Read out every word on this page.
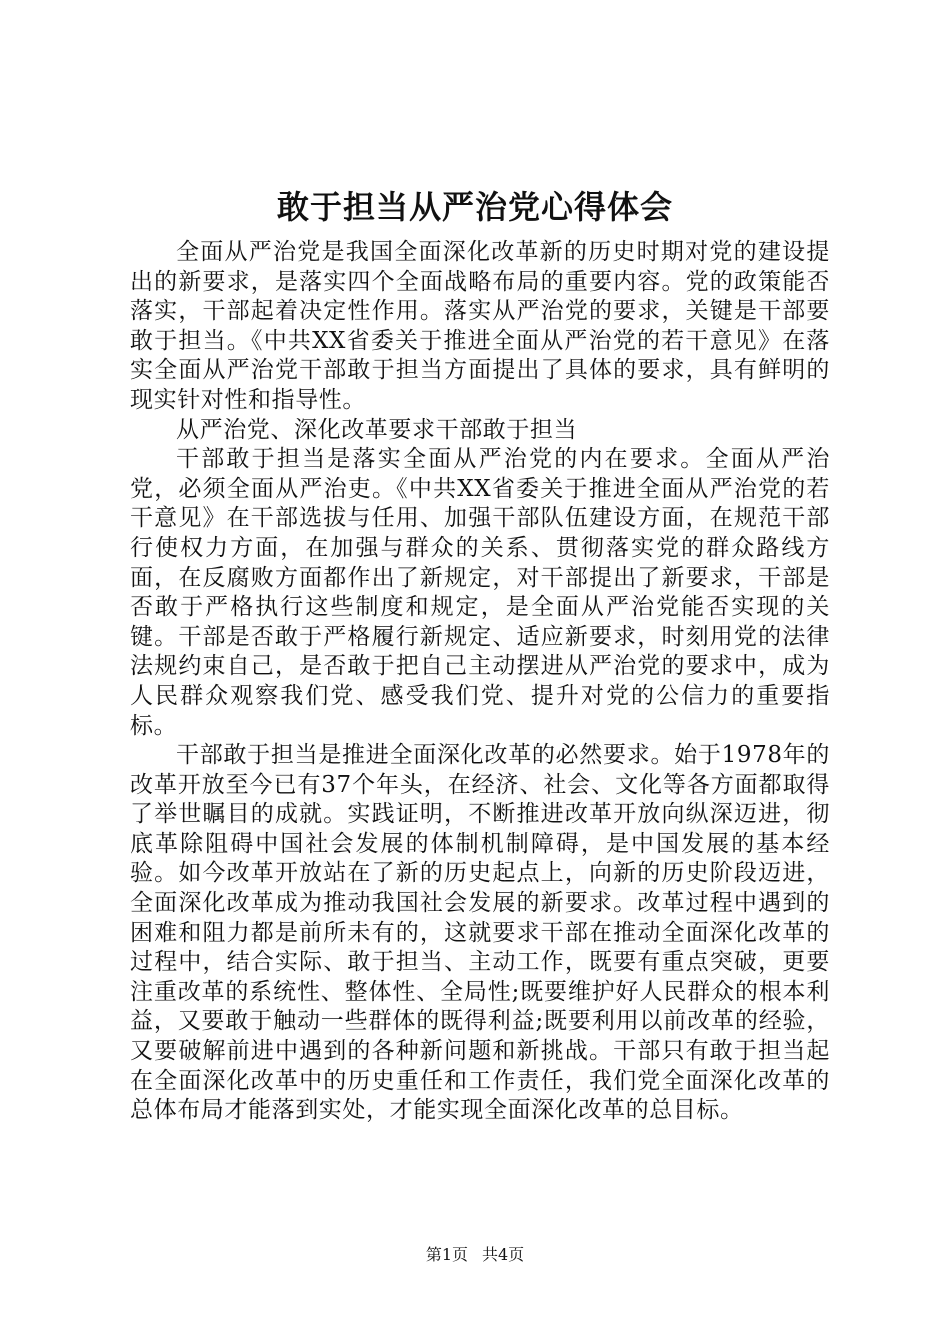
敢于担当从严治党心得体会

全面从严治党是我国全面深化改革新的历史时期对党的建设提出的新要求，是落实四个全面战略布局的重要内容。党的政策能否落实，干部起着决定性作用。落实从严治党的要求，关键是干部要敢于担当。《中共XX省委关于推进全面从严治党的若干意见》在落实全面从严治党干部敢于担当方面提出了具体的要求，具有鲜明的现实针对性和指导性。

从严治党、深化改革要求干部敢于担当

干部敢于担当是落实全面从严治党的内在要求。全面从严治党，必须全面从严治吏。《中共XX省委关于推进全面从严治党的若干意见》在干部选拔与任用、加强干部队伍建设方面，在规范干部行使权力方面，在加强与群众的关系、贯彻落实党的群众路线方面，在反腐败方面都作出了新规定，对干部提出了新要求，干部是否敢于严格执行这些制度和规定，是全面从严治党能否实现的关键。干部是否敢于严格履行新规定、适应新要求，时刻用党的法律法规约束自己，是否敢于把自己主动摆进从严治党的要求中，成为人民群众观察我们党、感受我们党、提升对党的公信力的重要指标。

干部敢于担当是推进全面深化改革的必然要求。始于1978年的改革开放至今已有37个年头，在经济、社会、文化等各方面都取得了举世瞩目的成就。实践证明，不断推进改革开放向纵深迈进，彻底革除阻碍中国社会发展的体制机制障碍，是中国发展的基本经验。如今改革开放站在了新的历史起点上，向新的历史阶段迈进，全面深化改革成为推动我国社会发展的新要求。改革过程中遇到的困难和阻力都是前所未有的，这就要求干部在推动全面深化改革的过程中，结合实际、敢于担当、主动工作，既要有重点突破，更要注重改革的系统性、整体性、全局性;既要维护好人民群众的根本利益，又要敢于触动一些群体的既得利益;既要利用以前改革的经验，又要破解前进中遇到的各种新问题和新挑战。干部只有敢于担当起在全面深化改革中的历史重任和工作责任，我们党全面深化改革的总体布局才能落到实处，才能实现全面深化改革的总目标。

第1页 共4页
